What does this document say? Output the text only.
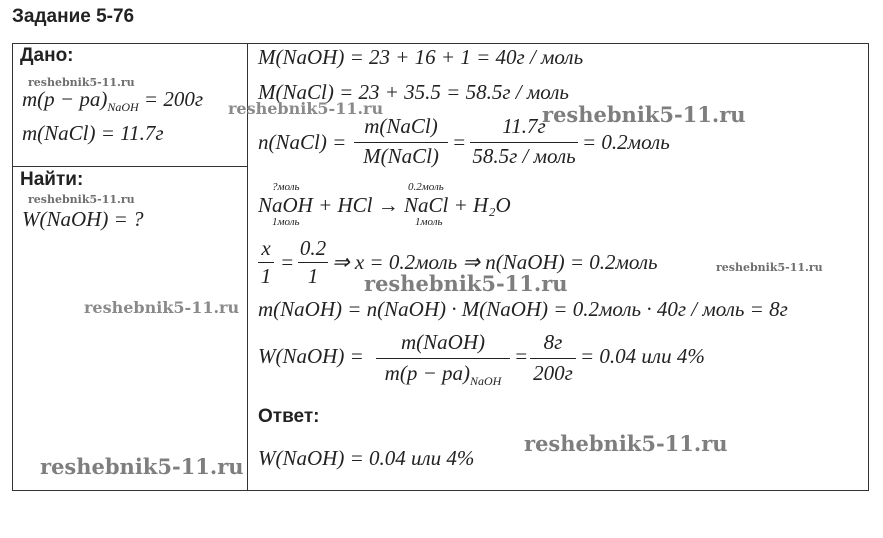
Задание 5-76
Дано:
$m(p - pa)_{NaOH} = 200г$
m(NaCl) = 11.7г
Найти:
W(NaOH) = ?
M(NaOH) = 23 + 16 + 1 = 40г / моль
M(NaCl) = 23 + 35.5 = 58.5г / моль
n(NaCl) =
m(NaCl)
M(NaCl)
=
11.7г
58.5г / моль
= 0.2моль
?моль	0.2моль
NaOH + HCl → NaCl + H₂O
1моль	1моль
x
1
=
0.2
1
⇒ x = 0.2моль ⇒ n(NaOH) = 0.2моль
m(NaOH) = n(NaOH) · M(NaOH) = 0.2моль · 40г / моль = 8г
W(NaOH) =
m(NaOH)
$m(p - pa)_{NaOH}$
=
8г
200г
= 0.04 или 4%
Ответ:
W(NaOH) = 0.04 или 4%
reshebnik5-11.ru
reshebnik5-11.ru	reshebnik5-11.ru
reshebnik5-11.ru
reshebnik5-11.ru
reshebnik5-11.ru
reshebnik5-11.ru
reshebnik5-11.ru
reshebnik5-11.ru
